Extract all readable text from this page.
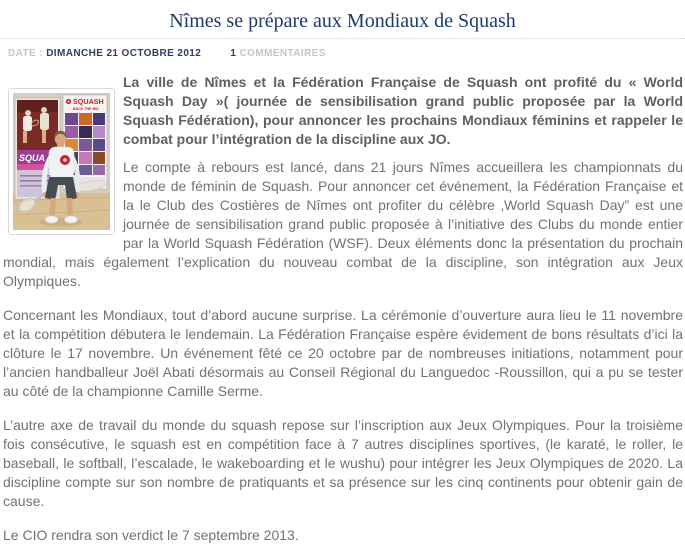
Nîmes se prépare aux Mondiaux de Squash
DATE : DIMANCHE 21 OCTOBRE 2012	1 COMMENTAIRES
SQUA
SQUASH
BACK THE BID

La ville de Nîmes et la Fédération Française de Squash ont profité du « World Squash Day »( journée de sensibilisation grand public proposée par la World Squash Fédération), pour annoncer les prochains Mondiaux féminins et rappeler le combat pour l’intégration de la discipline aux JO.

Le compte à rebours est lancé, dans 21 jours Nîmes accueillera les championnats du monde de féminin de Squash. Pour annoncer cet événement, la Fédération Française et la le Club des Costières de Nîmes ont profiter du célèbre ‚World Squash Day” est une journée de sensibilisation grand public proposée à l’initiative des Clubs du monde entier par la World Squash Fédération (WSF). Deux éléments donc la présentation du prochain mondial, mais également l’explication du nouveau combat de la discipline, son intégration aux Jeux Olympiques.

Concernant les Mondiaux, tout d’abord aucune surprise. La cérémonie d’ouverture aura lieu le 11 novembre et la compétition débutera le lendemain. La Fédération Française espère évidement de bons résultats d’ici la clôture le 17 novembre. Un événement fêté ce 20 octobre par de nombreuses initiations, notamment pour l’ancien handballeur Joël Abati désormais au Conseil Régional du Languedoc -Roussillon, qui a pu se tester au côté de la championne Camille Serme.

L’autre axe de travail du monde du squash repose sur l’inscription aux Jeux Olympiques. Pour la troisième fois consécutive, le squash est en compétition face à 7 autres disciplines sportives, (le karaté, le roller, le baseball, le softball, l’escalade, le wakeboarding et le wushu) pour intégrer les Jeux Olympiques de 2020. La discipline compte sur son nombre de pratiquants et sa présence sur les cinq continents pour obtenir gain de cause.

Le CIO rendra son verdict le 7 septembre 2013.
